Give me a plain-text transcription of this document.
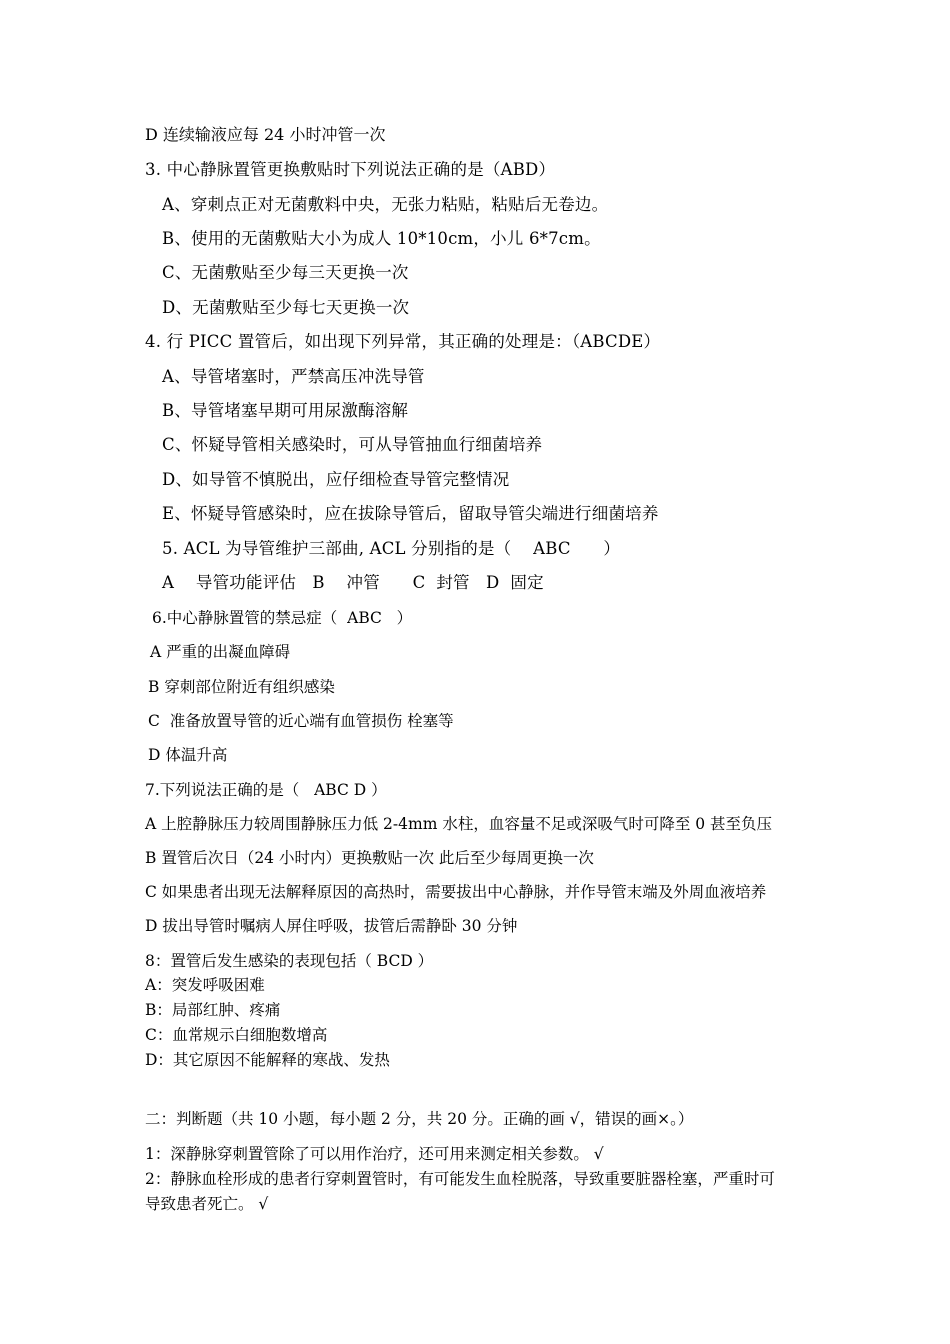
D 连续输液应每 24 小时冲管一次
3. 中心静脉置管更换敷贴时下列说法正确的是（ABD）
A、穿刺点正对无菌敷料中央，无张力粘贴，粘贴后无卷边。
B、使用的无菌敷贴大小为成人 10*10cm，小儿 6*7cm。
C、无菌敷贴至少每三天更换一次
D、无菌敷贴至少每七天更换一次
4. 行 PICC 置管后，如出现下列异常，其正确的处理是：（ABCDE）
A、导管堵塞时，严禁高压冲洗导管
B、导管堵塞早期可用尿激酶溶解
C、怀疑导管相关感染时，可从导管抽血行细菌培养
D、如导管不慎脱出，应仔细检查导管完整情况
E、怀疑导管感染时，应在拔除导管后，留取导管尖端进行细菌培养
5. ACL 为导管维护三部曲, ACL 分别指的是（    ABC      ）
A    导管功能评估   B    冲管      C  封管   D  固定
6.中心静脉置管的禁忌症（  ABC   ）
A 严重的出凝血障碍
B 穿刺部位附近有组织感染
C  准备放置导管的近心端有血管损伤 栓塞等
D 体温升高
7.下列说法正确的是（   ABC D ）
A 上腔静脉压力较周围静脉压力低 2-4mm 水柱，血容量不足或深吸气时可降至 0 甚至负压
B 置管后次日（24 小时内）更换敷贴一次 此后至少每周更换一次
C 如果患者出现无法解释原因的高热时，需要拔出中心静脉，并作导管末端及外周血液培养
D 拔出导管时嘱病人屏住呼吸，拔管后需静卧 30 分钟
8：置管后发生感染的表现包括（ BCD ）
A：突发呼吸困难
B：局部红肿、疼痛
C：血常规示白细胞数增高
D：其它原因不能解释的寒战、发热
二：判断题（共 10 小题，每小题 2 分，共 20 分。正确的画 √，错误的画×。）
1：深静脉穿刺置管除了可以用作治疗，还可用来测定相关参数。 √
2：静脉血栓形成的患者行穿刺置管时，有可能发生血栓脱落，导致重要脏器栓塞，严重时可
导致患者死亡。 √
